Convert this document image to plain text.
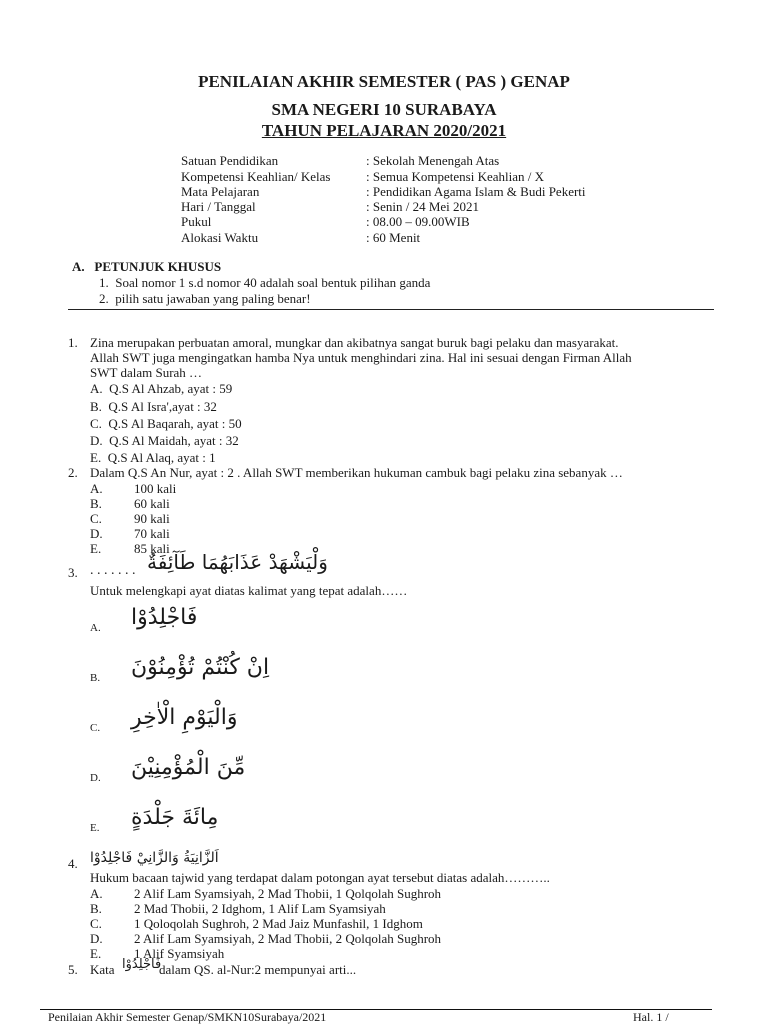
PENILAIAN AKHIR SEMESTER ( PAS ) GENAP
SMA NEGERI 10 SURABAYA
TAHUN PELAJARAN 2020/2021
Satuan Pendidikan	: Sekolah Menengah Atas
Kompetensi Keahlian/ Kelas	: Semua Kompetensi Keahlian / X
Mata Pelajaran	: Pendidikan Agama Islam & Budi Pekerti
Hari / Tanggal	: Senin / 24 Mei 2021
Pukul	: 08.00 – 09.00WIB
Alokasi Waktu	: 60 Menit
A.   PETUNJUK KHUSUS
1.  Soal nomor 1 s.d nomor 40 adalah soal bentuk pilihan ganda
2.  pilih satu jawaban yang paling benar!
1. Zina merupakan perbuatan amoral, mungkar dan akibatnya sangat buruk bagi pelaku dan masyarakat.
Allah SWT juga mengingatkan hamba Nya untuk menghindari zina. Hal ini sesuai dengan Firman Allah
SWT dalam Surah …
A.  Q.S Al Ahzab, ayat : 59
B.  Q.S Al Isra',ayat : 32
C.  Q.S Al Baqarah, ayat : 50
D.  Q.S Al Maidah, ayat : 32
E.  Q.S Al Alaq, ayat : 1
2. Dalam Q.S An Nur, ayat : 2 . Allah SWT memberikan hukuman cambuk bagi pelaku zina sebanyak …
A. 100 kali
B. 60 kali
C. 90 kali
D. 70 kali
E.	85 kali
3. . . . . . . . وَلْيَشْهَدْ عَذَابَهُمَا طَآئِفَةٌ
Untuk melengkapi ayat diatas kalimat yang tepat adalah……
A. فَاجْلِدُوْا
B. اِنْ كُنْتُمْ تُؤْمِنُوْنَ
C. وَالْيَوْمِ الْاٰخِرِ
D. مِّنَ الْمُؤْمِنِيْنَ
E. مِائَةَ جَلْدَةٍ
4. اَلزَّانِيَةُ وَالزَّانِيْ فَاجْلِدُوْا
Hukum bacaan tajwid yang terdapat dalam potongan ayat tersebut diatas adalah………..
A. 2 Alif Lam Syamsiyah, 2 Mad Thobii, 1 Qolqolah Sughroh
B. 2 Mad Thobii, 2 Idghom, 1 Alif Lam Syamsiyah
C. 1 Qoloqolah Sughroh, 2 Mad Jaiz Munfashil, 1 Idghom
D. 2 Alif Lam Syamsiyah, 2 Mad Thobii, 2 Qolqolah Sughroh
E.	1 Alif Syamsiyah
5. Kata فَاجْلِدُوْا
dalam QS. al-Nur:2 mempunyai arti...
Penilaian Akhir Semester Genap/SMKN10Surabaya/2021	Hal. 1 /
